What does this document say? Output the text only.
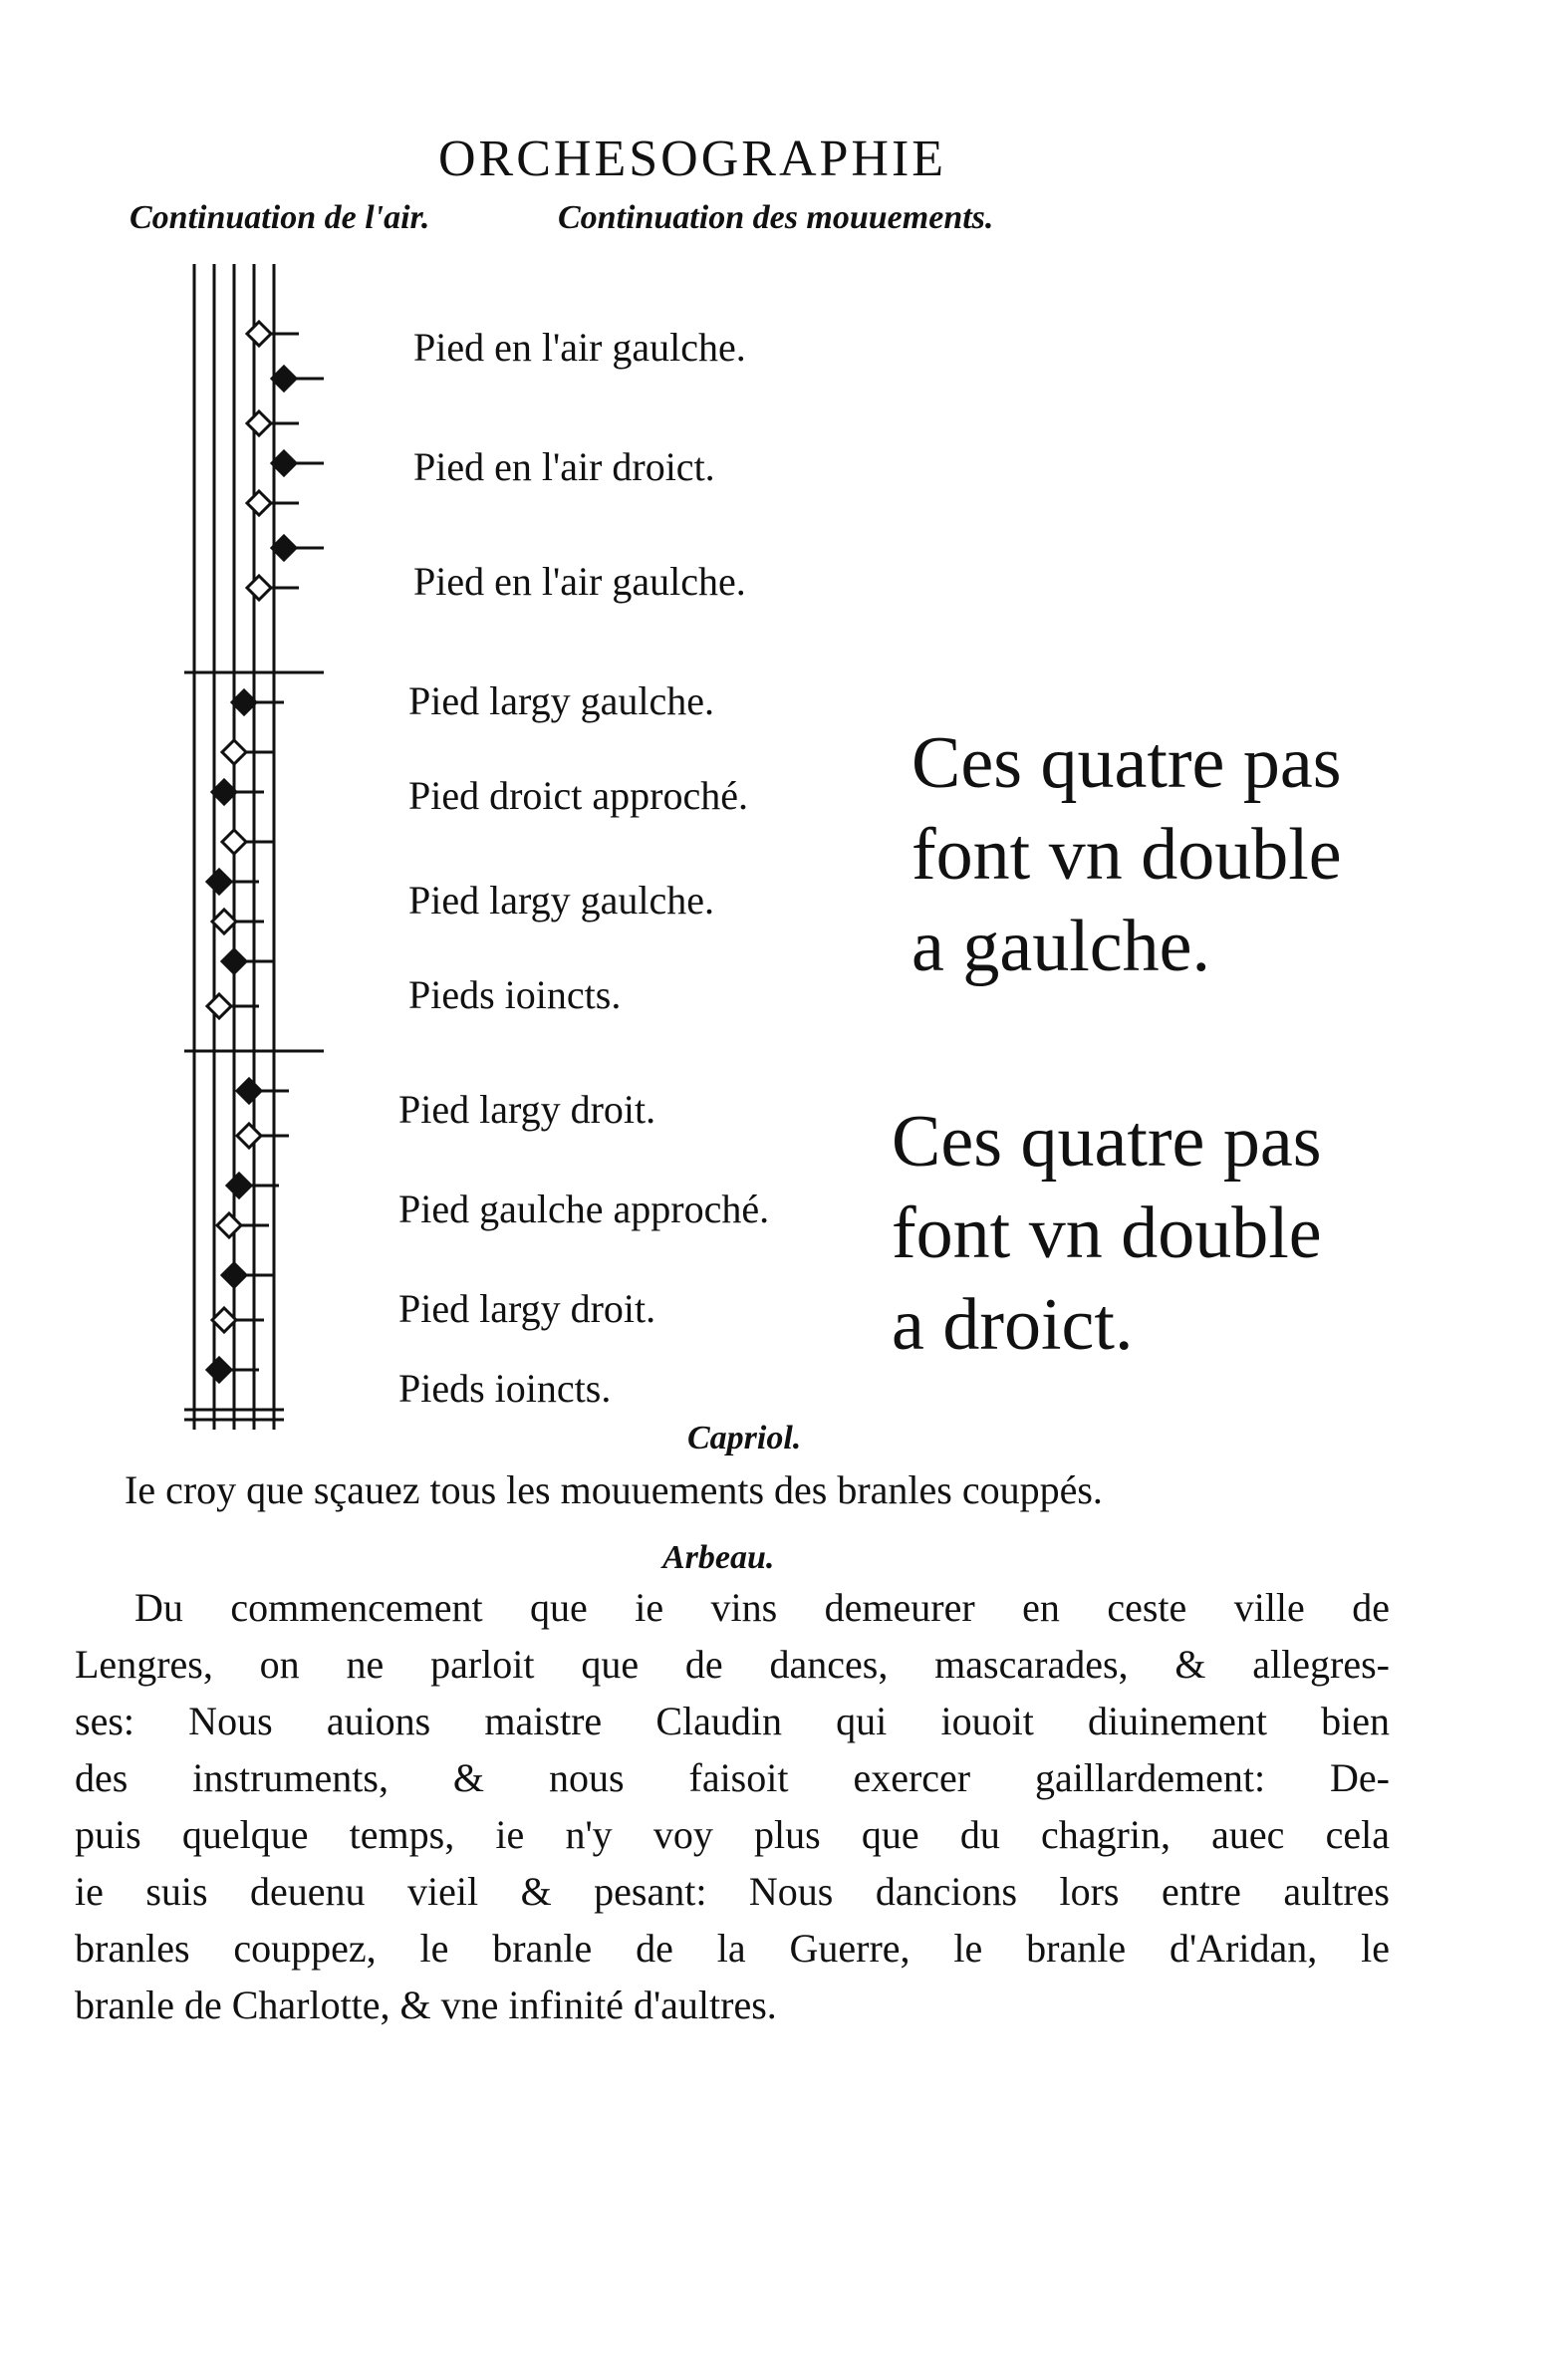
ORCHESOGRAPHIE
Continuation de l'air.	Continuation des mouuements.
Pied en l'air gaulche.
Pied en l'air droict.
Pied en l'air gaulche.
Pied largy gaulche.
Pied droict approché.
Pied largy gaulche.
Pieds ioincts.
Pied largy droit.
Pied gaulche approché.
Pied largy droit.
Pieds ioincts.
Ces quatre pas
font vn double
a gaulche.
Ces quatre pas
font vn double
a droict.
Capriol.
Ie croy que sçauez tous les mouuements des branles couppés.
Arbeau.
Du commencement que ie vins demeurer en ceste ville de
Lengres, on ne parloit que de dances, mascarades, & allegres-
ses: Nous auions maistre Claudin qui iouoit diuinement bien
des instruments, & nous faisoit exercer gaillardement: De-
puis quelque temps, ie n'y voy plus que du chagrin, auec cela
ie suis deuenu vieil & pesant: Nous dancions lors entre aultres
branles couppez, le branle de la Guerre, le branle d'Aridan, le
branle de Charlotte, & vne infinité d'aultres.
